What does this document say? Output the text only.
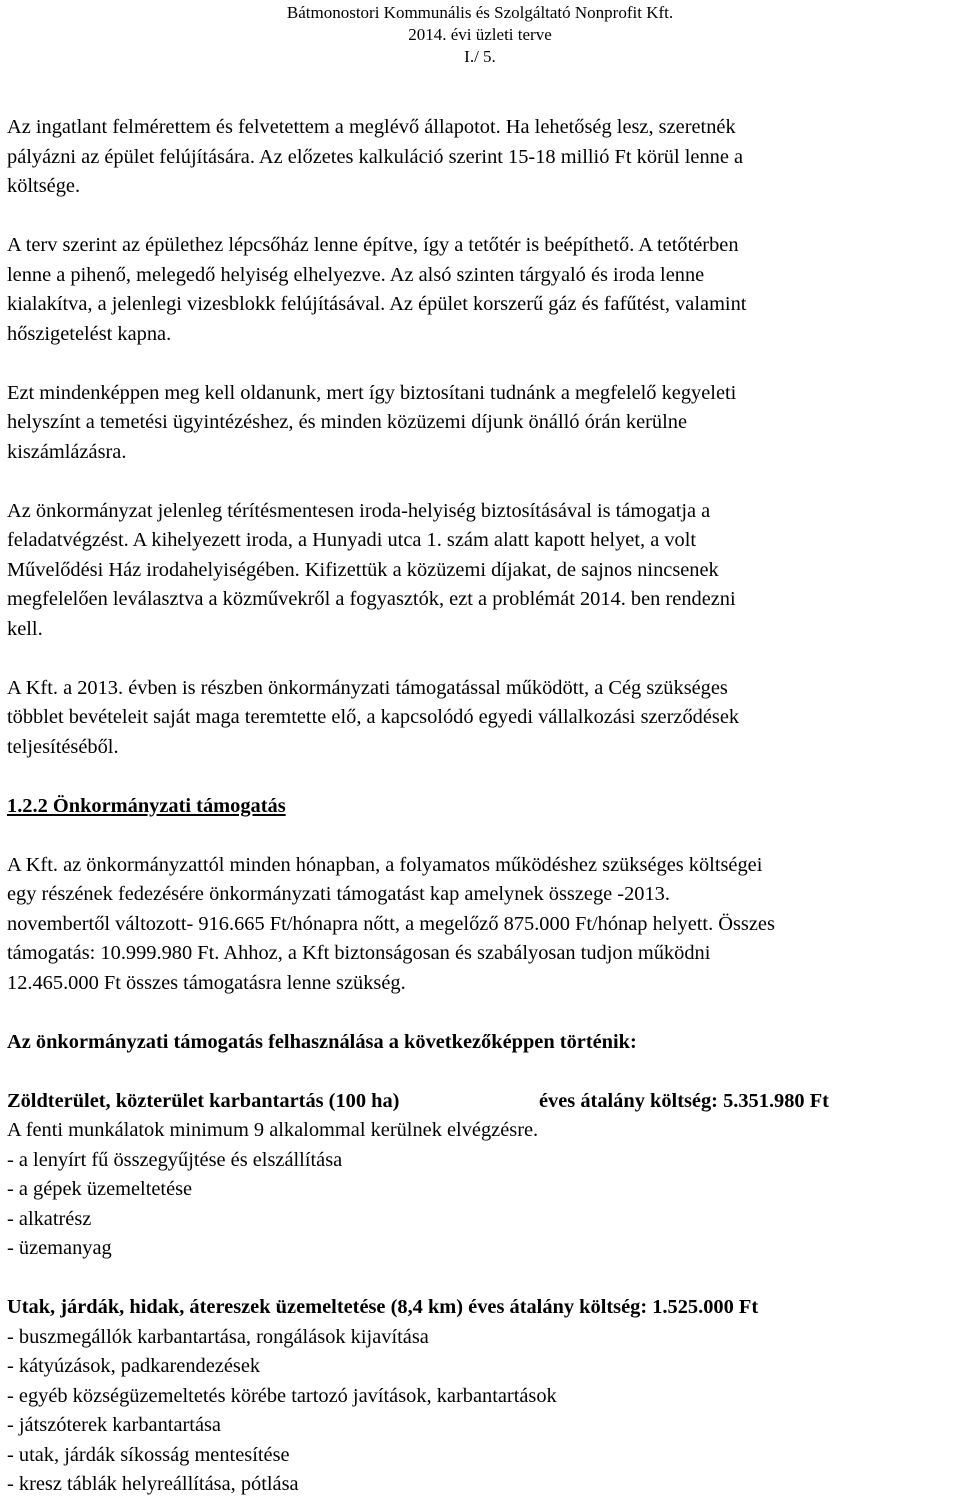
Bátmonostori Kommunális és Szolgáltató Nonprofit Kft.
2014. évi üzleti terve
I./ 5.
Az ingatlant felmérettem és felvetettem a meglévő állapotot. Ha lehetőség lesz, szeretnék
pályázni az épület felújítására. Az előzetes kalkuláció szerint 15-18 millió Ft körül lenne a
költsége.
A terv szerint az épülethez lépcsőház lenne építve, így a tetőtér is beépíthető. A tetőtérben
lenne a pihenő, melegedő helyiség elhelyezve. Az alsó szinten tárgyaló és iroda lenne
kialakítva, a jelenlegi vizesblokk felújításával. Az épület korszerű gáz és fafűtést, valamint
hőszigetelést kapna.
Ezt mindenképpen meg kell oldanunk, mert így biztosítani tudnánk a megfelelő kegyeleti
helyszínt a temetési ügyintézéshez, és minden közüzemi díjunk önálló órán kerülne
kiszámlázásra.
Az önkormányzat jelenleg térítésmentesen iroda-helyiség biztosításával is támogatja a
feladatvégzést. A kihelyezett iroda, a Hunyadi utca 1. szám alatt kapott helyet, a volt
Művelődési Ház irodahelyiségében. Kifizettük a közüzemi díjakat, de sajnos nincsenek
megfelelően leválasztva a közművekről a fogyasztók, ezt a problémát 2014. ben rendezni
kell.
A Kft. a 2013. évben is részben önkormányzati támogatással működött, a Cég szükséges
többlet bevételeit saját maga teremtette elő, a kapcsolódó egyedi vállalkozási szerződések
teljesítéséből.
1.2.2 Önkormányzati támogatás
A Kft. az önkormányzattól minden hónapban, a folyamatos működéshez szükséges költségei
egy részének fedezésére önkormányzati támogatást kap amelynek összege -2013.
novembertől változott- 916.665 Ft/hónapra nőtt, a megelőző 875.000 Ft/hónap helyett. Összes
támogatás: 10.999.980 Ft. Ahhoz, a Kft biztonságosan és szabályosan tudjon működni
12.465.000 Ft összes támogatásra lenne szükség.
Az önkormányzati támogatás felhasználása a következőképpen történik:
Zöldterület, közterület karbantartás (100 ha)	éves átalány költség: 5.351.980 Ft
A fenti munkálatok minimum 9 alkalommal kerülnek elvégzésre.
- a lenyírt fű összegyűjtése és elszállítása
- a gépek üzemeltetése
- alkatrész
- üzemanyag
Utak, járdák, hidak, átereszek üzemeltetése (8,4 km) éves átalány költség: 1.525.000 Ft
- buszmegállók karbantartása, rongálások kijavítása
- kátyúzások, padkarendezések
- egyéb községüzemeltetés körébe tartozó javítások, karbantartások
- játszóterek karbantartása
- utak, járdák síkosság mentesítése
- kresz táblák helyreállítása, pótlása
